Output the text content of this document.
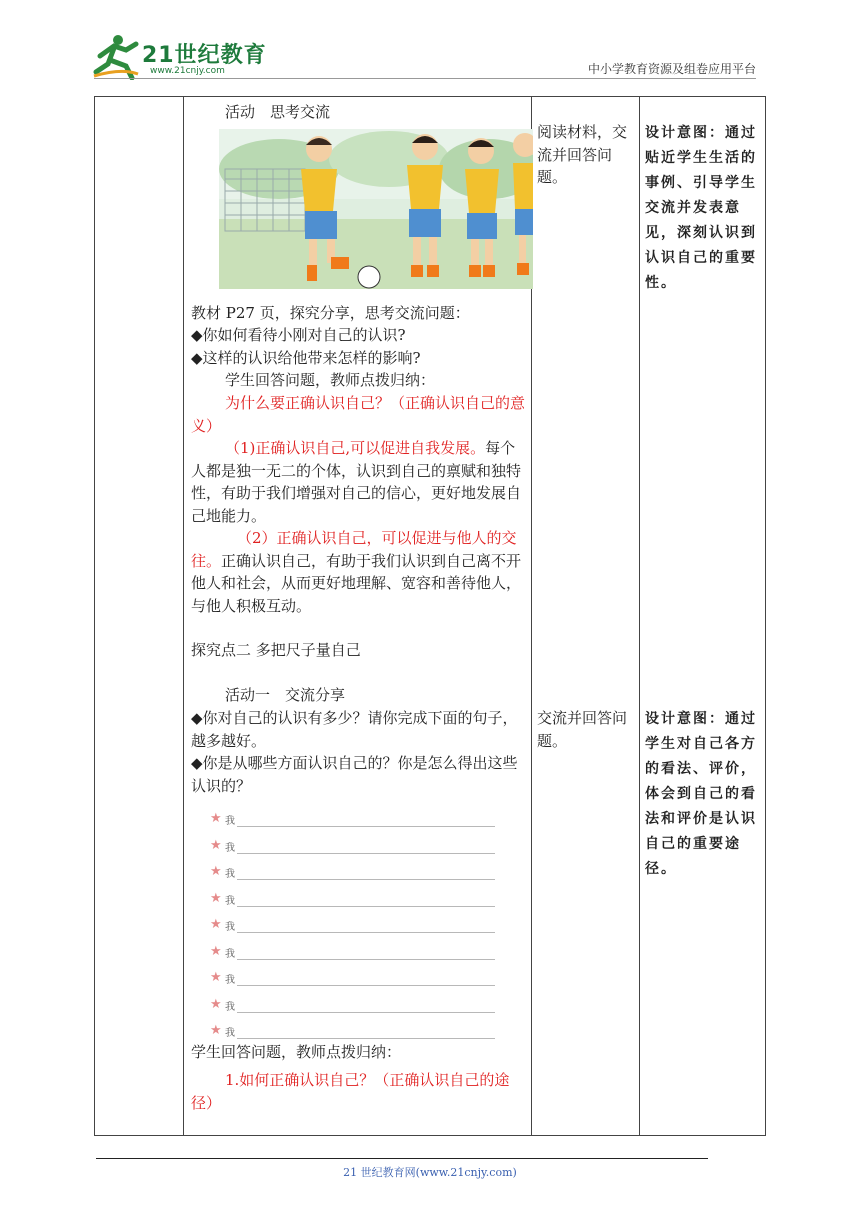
21世纪教育
www.21cnjy.com	中小学教育资源及组卷应用平台
活动　思考交流
教材 P27 页，探究分享，思考交流问题：
◆你如何看待小刚对自己的认识?
◆这样的认识给他带来怎样的影响?
学生回答问题，教师点拨归纳：
为什么要正确认识自己？（正确认识自己的意义）
（1)正确认识自己,可以促进自我发展。每个人都是独一无二的个体，认识到自己的禀赋和独特性，有助于我们增强对自己的信心，更好地发展自己地能力。
（2）正确认识自己，可以促进与他人的交往。正确认识自己，有助于我们认识到自己离不开他人和社会，从而更好地理解、宽容和善待他人，与他人积极互动。
探究点二 多把尺子量自己
活动一　交流分享
◆你对自己的认识有多少？请你完成下面的句子，越多越好。
◆你是从哪些方面认识自己的？你是怎么得出这些认识的？
★ 我
★ 我
★ 我
★ 我
★ 我
★ 我
★ 我
★ 我
★ 我
学生回答问题，教师点拨归纳：
1.如何正确认识自己？（正确认识自己的途径）
阅读材料，交流并回答问题。
交流并回答问题。
设计意图：通过贴近学生生活的事例、引导学生交流并发表意见，深刻认识到认识自己的重要性。
设计意图：通过学生对自己各方的看法、评价，体会到自己的看法和评价是认识自己的重要途径。
21 世纪教育网(www.21cnjy.com)
